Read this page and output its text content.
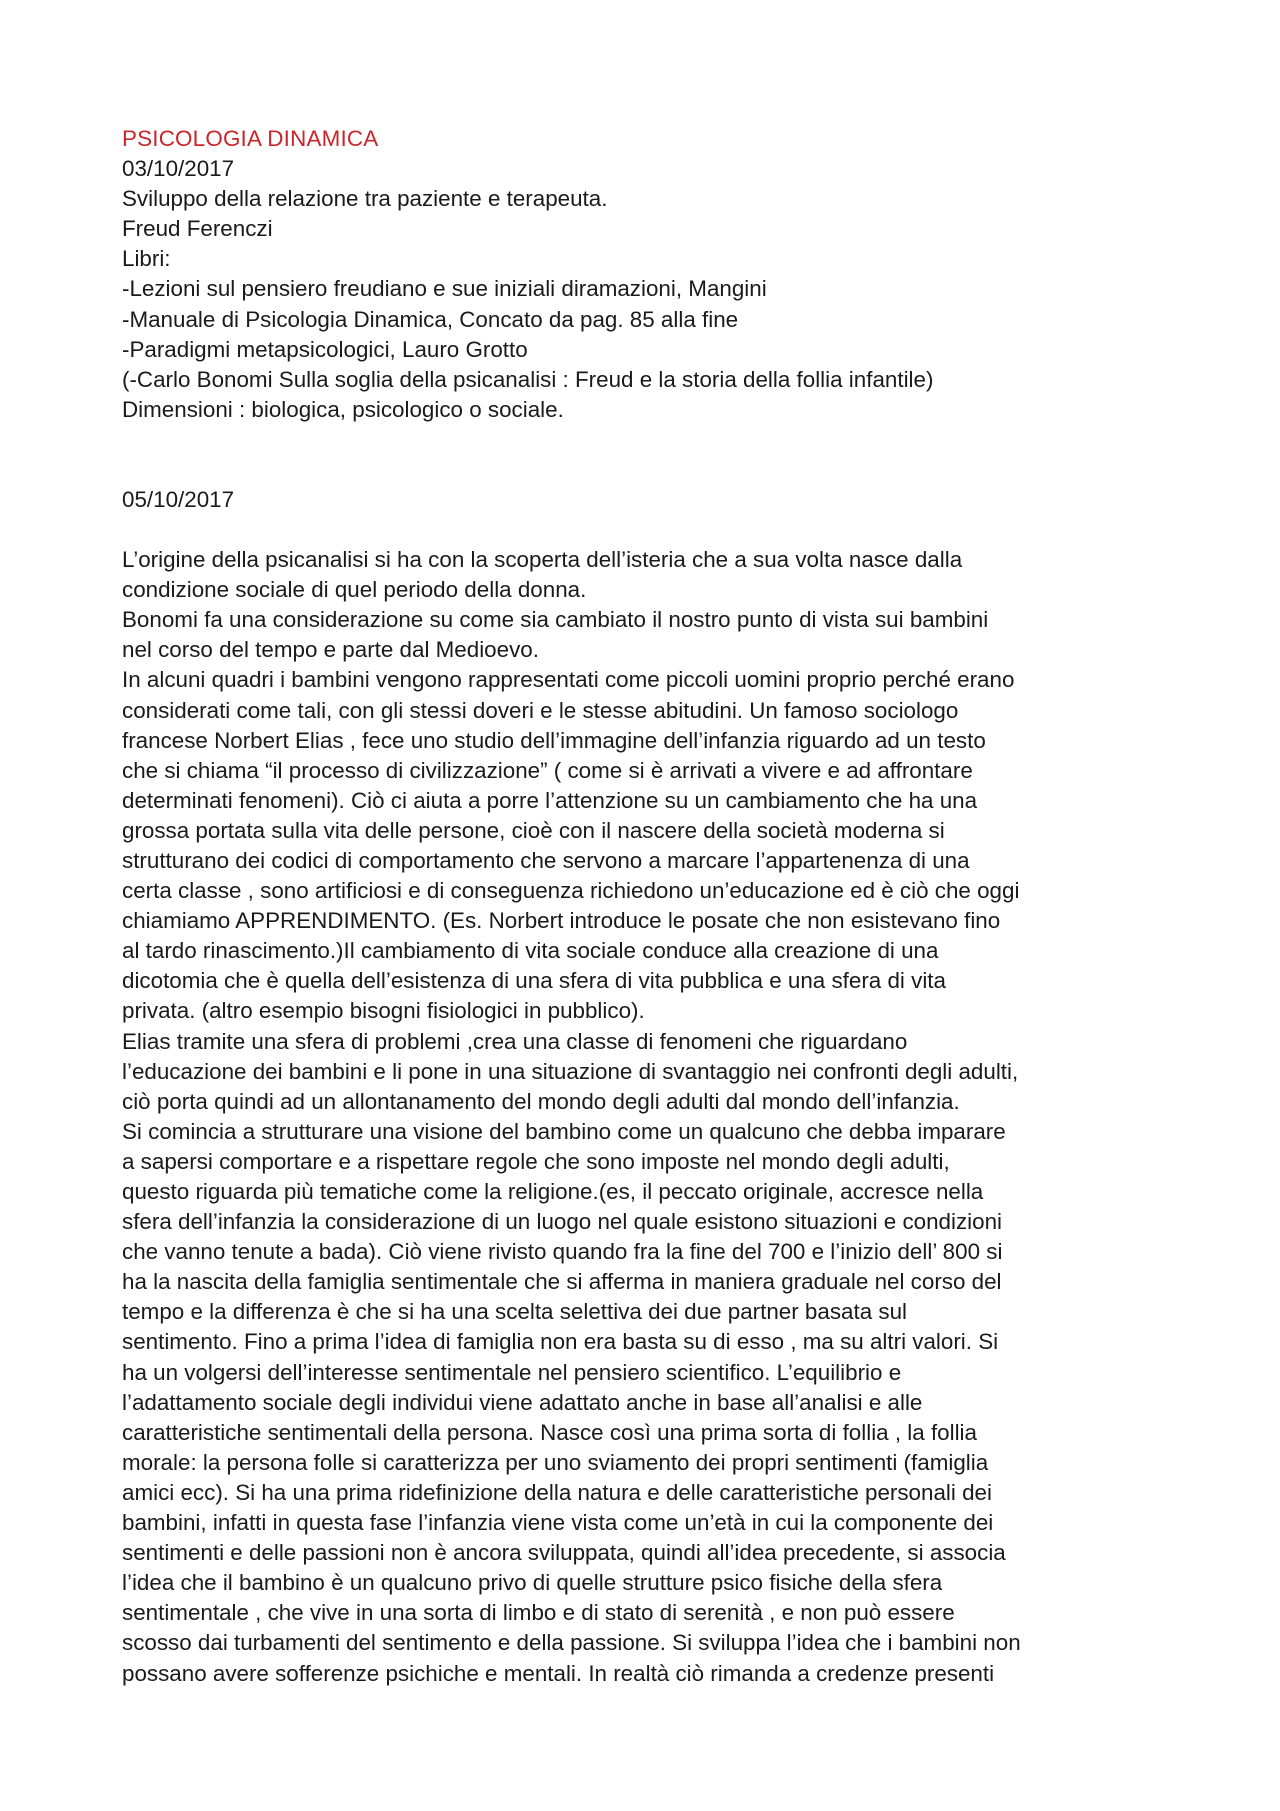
PSICOLOGIA DINAMICA

03/10/2017

Sviluppo della relazione tra paziente e terapeuta.

Freud Ferenczi

Libri:

-Lezioni sul pensiero freudiano e sue iniziali diramazioni, Mangini

-Manuale di Psicologia Dinamica, Concato da pag. 85 alla fine

-Paradigmi metapsicologici, Lauro Grotto

(-Carlo Bonomi Sulla soglia della psicanalisi : Freud e la storia della follia infantile)

Dimensioni : biologica, psicologico o sociale.

05/10/2017

L’origine della psicanalisi si ha con la scoperta dell’isteria che a sua volta nasce dalla

condizione sociale di quel periodo della donna.

Bonomi fa una considerazione su come sia cambiato il nostro punto di vista sui bambini

nel corso del tempo e parte dal Medioevo.

In alcuni quadri i bambini vengono rappresentati come piccoli uomini proprio perché erano

considerati come tali, con gli stessi doveri e le stesse abitudini. Un famoso sociologo

francese Norbert Elias , fece uno studio dell’immagine dell’infanzia riguardo ad un testo

che si chiama “il processo di civilizzazione” ( come si è arrivati a vivere e ad affrontare

determinati fenomeni). Ciò ci aiuta a porre l’attenzione su un cambiamento che ha una

grossa portata sulla vita delle persone, cioè con il nascere della società moderna si

strutturano dei codici di comportamento che servono a marcare l’appartenenza di una

certa classe , sono artificiosi e di conseguenza richiedono un’educazione ed è ciò che oggi

chiamiamo APPRENDIMENTO. (Es. Norbert introduce le posate che non esistevano fino

al tardo rinascimento.)Il cambiamento di vita sociale conduce alla creazione di una

dicotomia che è quella dell’esistenza di una sfera di vita pubblica e una sfera di vita

privata. (altro esempio bisogni fisiologici in pubblico).

Elias tramite una sfera di problemi ,crea una classe di fenomeni che riguardano

l’educazione dei bambini e li pone in una situazione di svantaggio nei confronti degli adulti,

ciò porta quindi ad un allontanamento del mondo degli adulti dal mondo dell’infanzia.

Si comincia a strutturare una visione del bambino come un qualcuno che debba imparare

a sapersi comportare e a rispettare regole che sono imposte nel mondo degli adulti,

questo riguarda più tematiche come la religione.(es, il peccato originale, accresce nella

sfera dell’infanzia la considerazione di un luogo nel quale esistono situazioni e condizioni

che vanno tenute a bada). Ciò viene rivisto quando fra la fine del 700 e l’inizio dell’ 800 si

ha la nascita della famiglia sentimentale che si afferma in maniera graduale nel corso del

tempo e la differenza è che si ha una scelta selettiva dei due partner basata sul

sentimento. Fino a prima l’idea di famiglia non era basta su di esso , ma su altri valori. Si

ha un volgersi dell’interesse sentimentale nel pensiero scientifico. L’equilibrio e

l’adattamento sociale degli individui viene adattato anche in base all’analisi e alle

caratteristiche sentimentali della persona. Nasce così una prima sorta di follia , la follia

morale: la persona folle si caratterizza per uno sviamento dei propri sentimenti (famiglia

amici ecc). Si ha una prima ridefinizione della natura e delle caratteristiche personali dei

bambini, infatti in questa fase l’infanzia viene vista come un’età in cui la componente dei

sentimenti e delle passioni non è ancora sviluppata, quindi all’idea precedente, si associa

l’idea che il bambino è un qualcuno privo di quelle strutture psico fisiche della sfera

sentimentale , che vive in una sorta di limbo e di stato di serenità , e non può essere

scosso dai turbamenti del sentimento e della passione. Si sviluppa l’idea che i bambini non

possano avere sofferenze psichiche e mentali. In realtà ciò rimanda a credenze presenti
